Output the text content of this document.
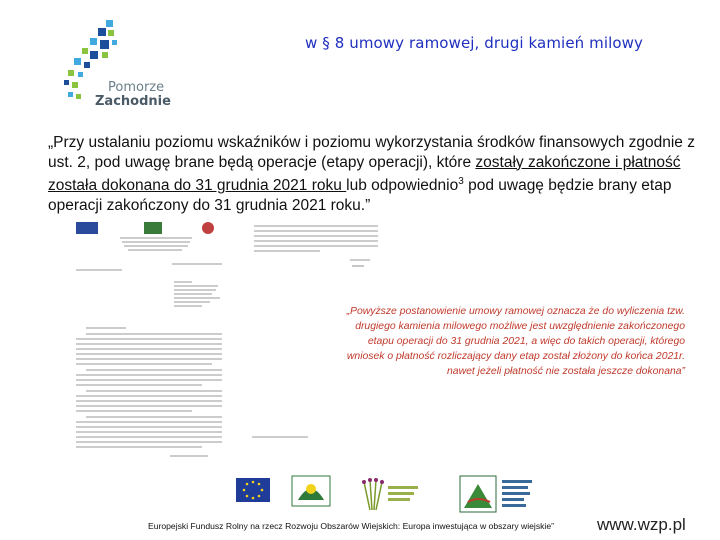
Pomorze
Zachodnie
w § 8 umowy ramowej, drugi kamień milowy
„Przy ustalaniu poziomu wskaźników i poziomu wykorzystania środków finansowych zgodnie z ust. 2, pod uwagę brane będą operacje (etapy operacji), które zostały zakończone i płatność została dokonana do 31 grudnia 2021 roku lub odpowiednio$^3$ pod uwagę będzie brany etap operacji zakończony do 31 grudnia 2021 roku.”
„Powyższe postanowienie umowy ramowej oznacza że do wyliczenia tzw. drugiego kamienia milowego możliwe jest uwzględnienie zakończonego etapu operacji do 31 grudnia 2021, a więc do takich operacji, którego wniosek o płatność rozliczający dany etap został złożony do końca 2021r. nawet jeżeli płatność nie została jeszcze dokonana”
Europejski Fundusz Rolny na rzecz Rozwoju Obszarów Wiejskich: Europa inwestująca w obszary wiejskie”	www.wzp.pl
